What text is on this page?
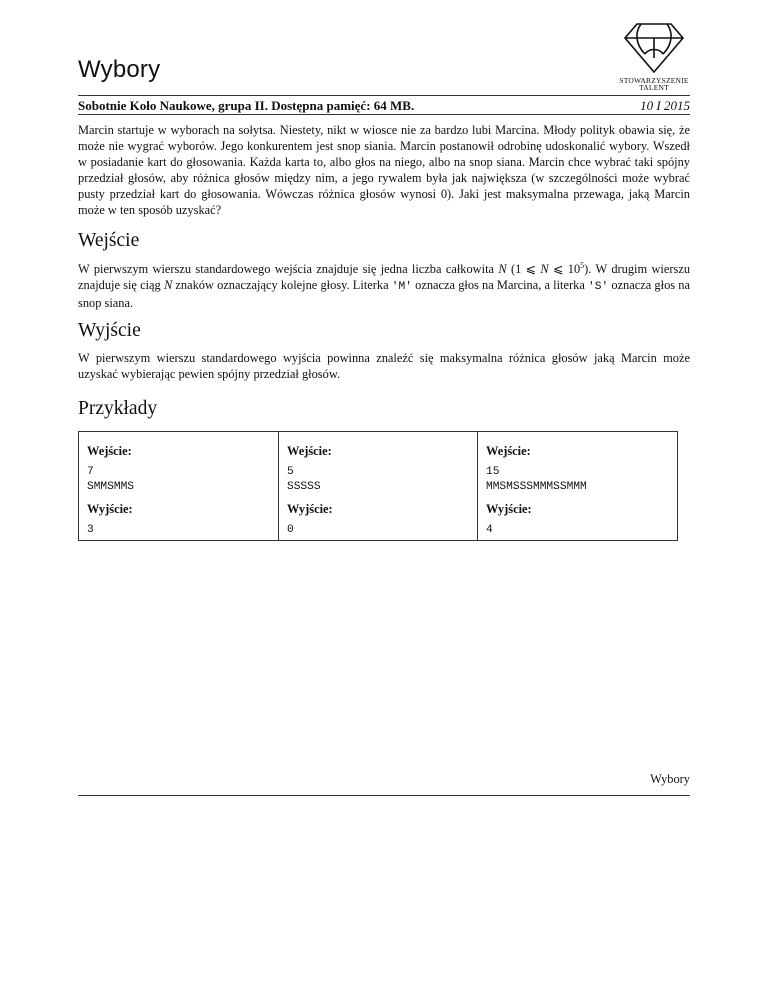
Wybory	STOWARZYSZENIE
TALENT
Sobotnie Koło Naukowe, grupa II. Dostępna pamięć: 64 MB.	10 I 2015

Marcin startuje w wyborach na sołytsa. Niestety, nikt w wiosce nie za bardzo lubi Marcina. Młody polityk obawia się, że może nie wygrać wyborów. Jego konkurentem jest snop siania. Marcin postanowił odrobinę udoskonalić wybory. Wszedł w posiadanie kart do głosowania. Każda karta to, albo głos na niego, albo na snop siana. Marcin chce wybrać taki spójny przedział głosów, aby różnica głosów między nim, a jego rywalem była jak największa (w szczególności może wybrać pusty przedział kart do głosowania. Wówczas różnica głosów wynosi 0). Jaki jest maksymalna przewaga, jaką Marcin może w ten sposób uzyskać?

Wejście

W pierwszym wierszu standardowego wejścia znajduje się jedna liczba całkowita N (1 ⩽ N ⩽ $10^5$). W drugim wierszu znajduje się ciąg N znaków oznaczający kolejne głosy. Literka 'M' oznacza głos na Marcina, a literka 'S' oznacza głos na snop siana.

Wyjście

W pierwszym wierszu standardowego wyjścia powinna znaleźć się maksymalna różnica głosów jaką Marcin może uzyskać wybierając pewien spójny przedział głosów.

Przykłady
Wejście:
7
SMMSMMS
Wyjście:
3
Wejście:
5
SSSSS
Wyjście:
0
Wejście:
15
MMSMSSSMMMSSMMM
Wyjście:
4
Wybory
